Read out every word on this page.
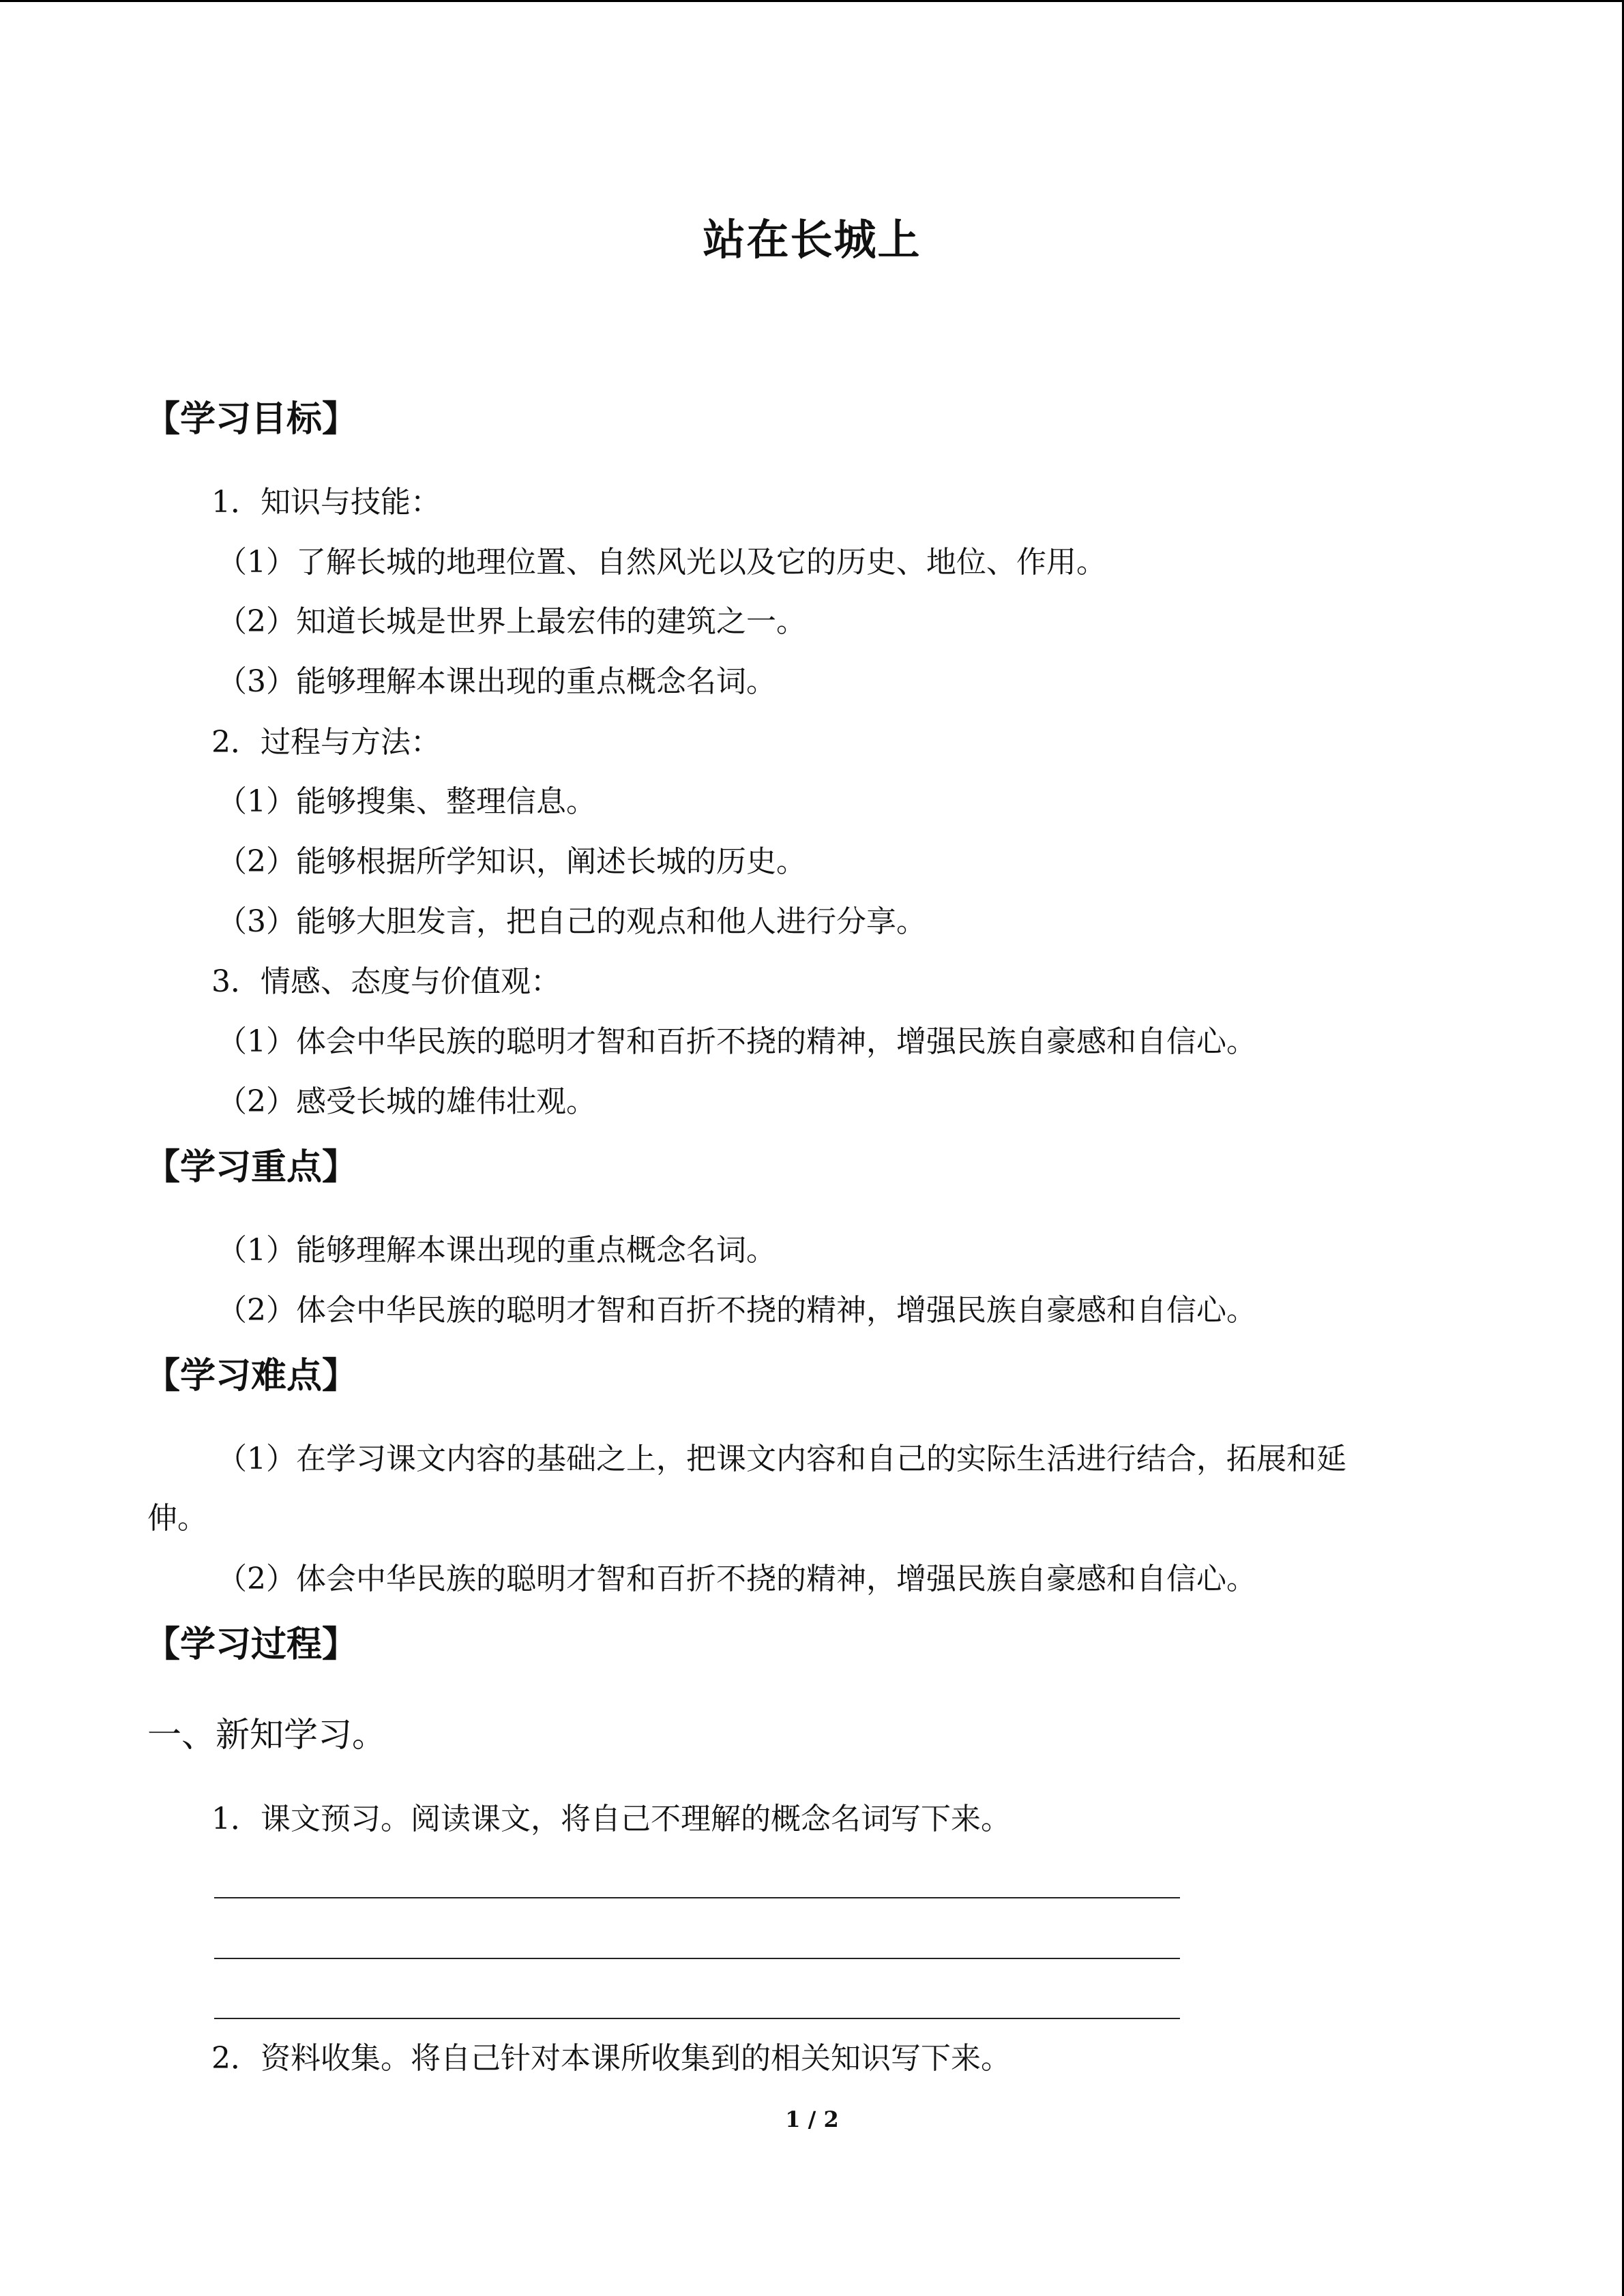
站在长城上
【学习目标】
1．知识与技能：
（1）了解长城的地理位置、自然风光以及它的历史、地位、作用。
（2）知道长城是世界上最宏伟的建筑之一。
（3）能够理解本课出现的重点概念名词。
2．过程与方法：
（1）能够搜集、整理信息。
（2）能够根据所学知识，阐述长城的历史。
（3）能够大胆发言，把自己的观点和他人进行分享。
3．情感、态度与价值观：
（1）体会中华民族的聪明才智和百折不挠的精神，增强民族自豪感和自信心。
（2）感受长城的雄伟壮观。
【学习重点】
（1）能够理解本课出现的重点概念名词。
（2）体会中华民族的聪明才智和百折不挠的精神，增强民族自豪感和自信心。
【学习难点】
（1）在学习课文内容的基础之上，把课文内容和自己的实际生活进行结合，拓展和延
伸。
（2）体会中华民族的聪明才智和百折不挠的精神，增强民族自豪感和自信心。
【学习过程】
一、新知学习。
1．课文预习。阅读课文，将自己不理解的概念名词写下来。
2．资料收集。将自己针对本课所收集到的相关知识写下来。
1 / 2
